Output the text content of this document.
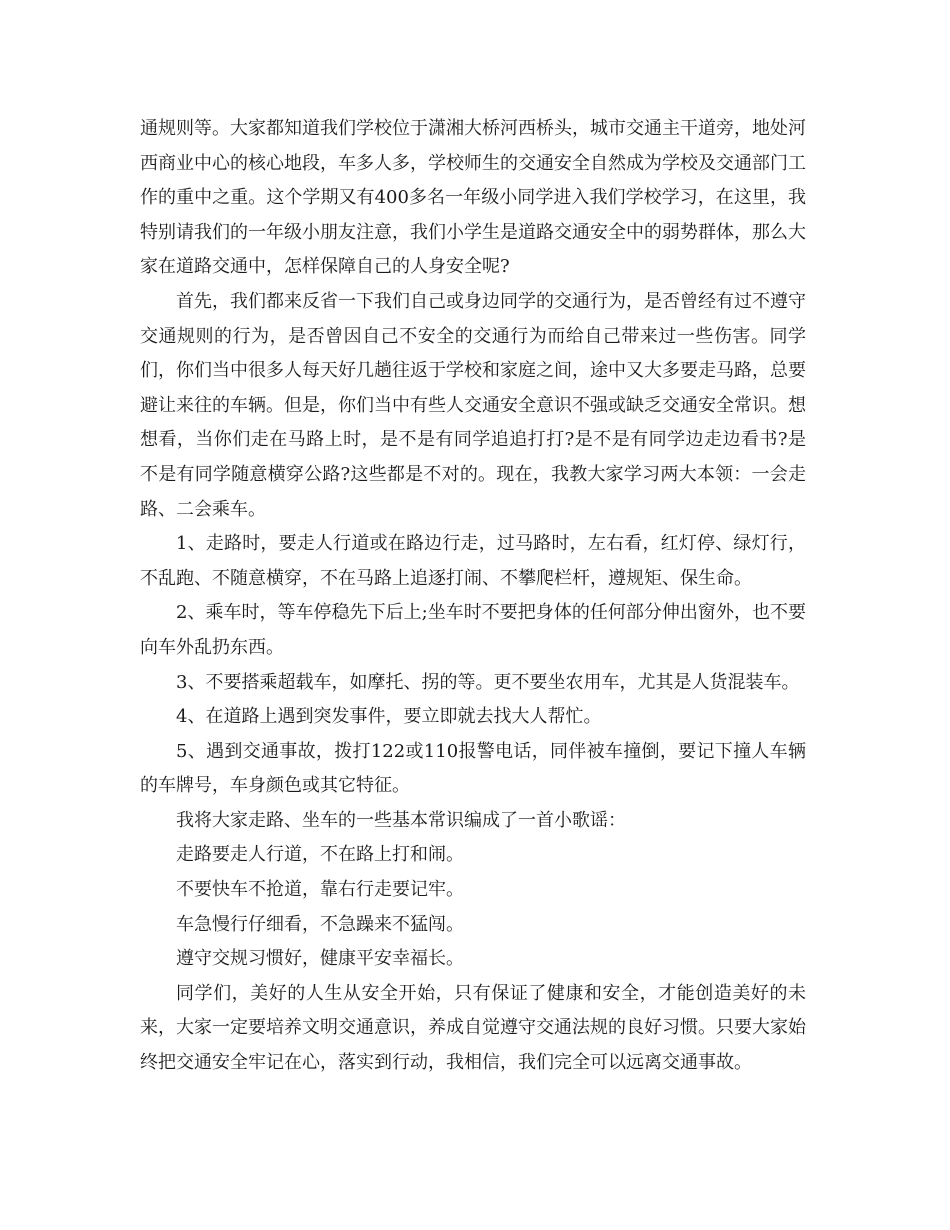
通规则等。大家都知道我们学校位于潇湘大桥河西桥头，城市交通主干道旁，地处河西商业中心的核心地段，车多人多，学校师生的交通安全自然成为学校及交通部门工作的重中之重。这个学期又有400多名一年级小同学进入我们学校学习，在这里，我特别请我们的一年级小朋友注意，我们小学生是道路交通安全中的弱势群体，那么大家在道路交通中，怎样保障自己的人身安全呢?

首先，我们都来反省一下我们自己或身边同学的交通行为，是否曾经有过不遵守交通规则的行为，是否曾因自己不安全的交通行为而给自己带来过一些伤害。同学们，你们当中很多人每天好几趟往返于学校和家庭之间，途中又大多要走马路，总要避让来往的车辆。但是，你们当中有些人交通安全意识不强或缺乏交通安全常识。想想看，当你们走在马路上时，是不是有同学追追打打?是不是有同学边走边看书?是不是有同学随意横穿公路?这些都是不对的。现在，我教大家学习两大本领：一会走路、二会乘车。

1、走路时，要走人行道或在路边行走，过马路时，左右看，红灯停、绿灯行，不乱跑、不随意横穿，不在马路上追逐打闹、不攀爬栏杆，遵规矩、保生命。

2、乘车时，等车停稳先下后上;坐车时不要把身体的任何部分伸出窗外，也不要向车外乱扔东西。

3、不要搭乘超载车，如摩托、拐的等。更不要坐农用车，尤其是人货混装车。

4、在道路上遇到突发事件，要立即就去找大人帮忙。

5、遇到交通事故，拨打122或110报警电话，同伴被车撞倒，要记下撞人车辆的车牌号，车身颜色或其它特征。

我将大家走路、坐车的一些基本常识编成了一首小歌谣：

走路要走人行道，不在路上打和闹。

不要快车不抢道，靠右行走要记牢。

车急慢行仔细看，不急躁来不猛闯。

遵守交规习惯好，健康平安幸福长。

同学们，美好的人生从安全开始，只有保证了健康和安全，才能创造美好的未来，大家一定要培养文明交通意识，养成自觉遵守交通法规的良好习惯。只要大家始终把交通安全牢记在心，落实到行动，我相信，我们完全可以远离交通事故。
